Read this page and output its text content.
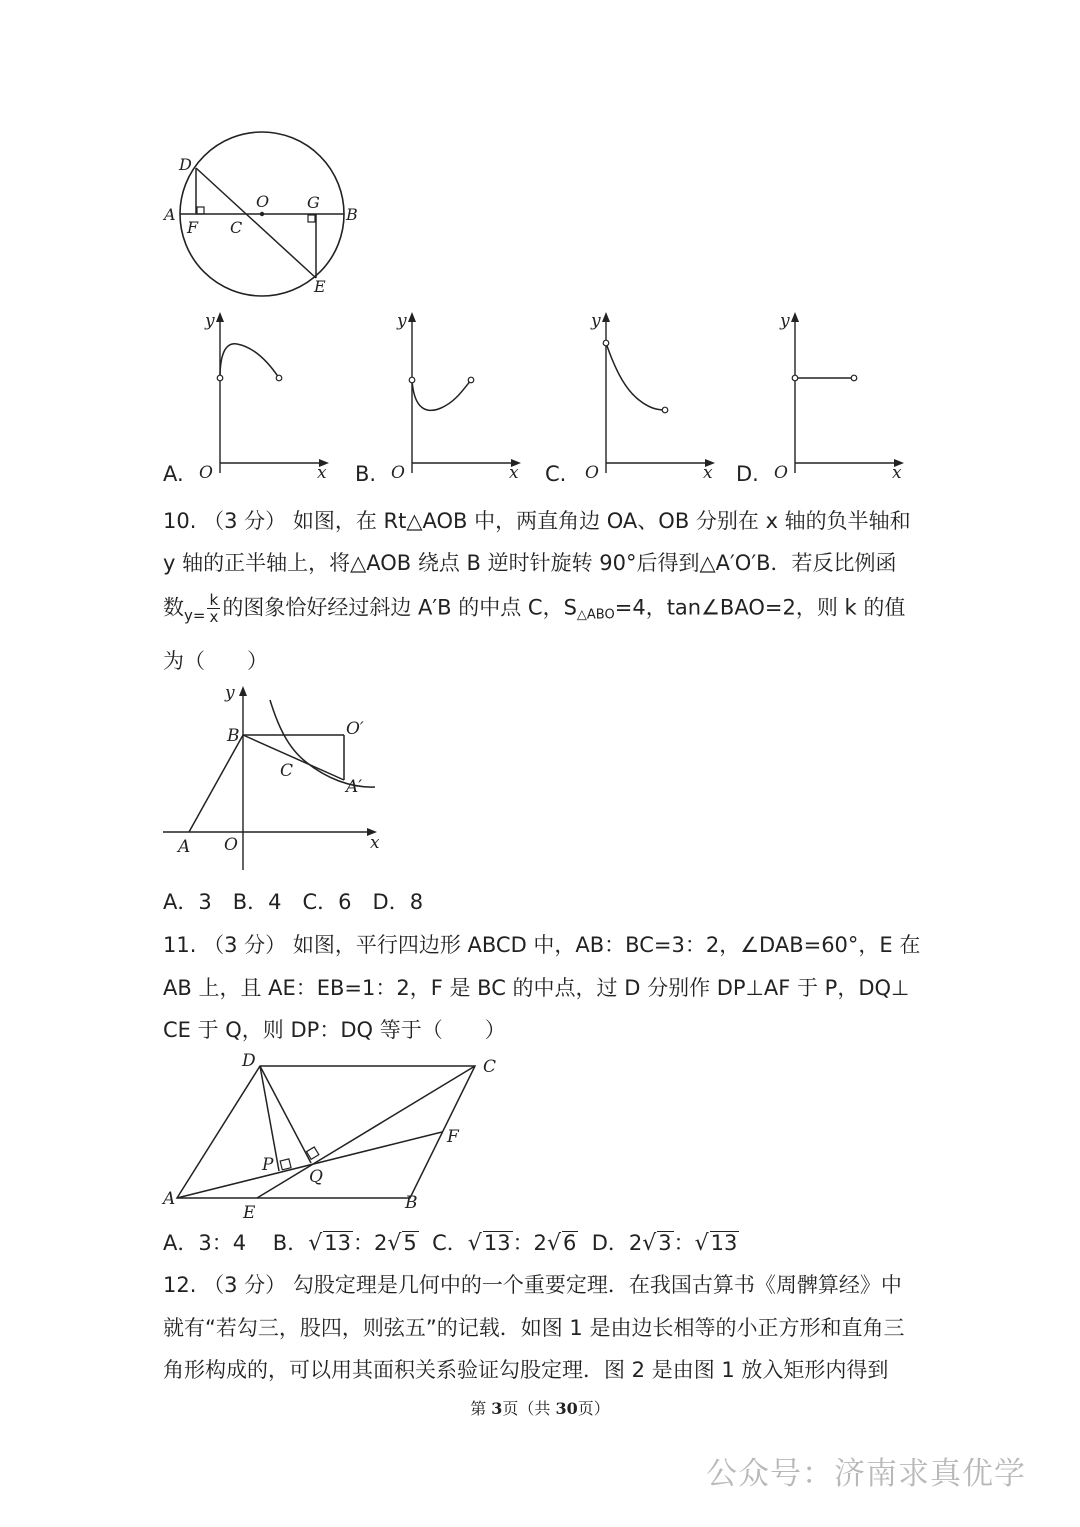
D
A
F C
O G
B
E
y
O	x
y
O	x
y
O	x
y
O	x
A.	B.	C.	D.
10. （3 分） 如图，在 Rt△AOB 中，两直角边 OA、OB 分别在 x 轴的负半轴和
y 轴的正半轴上，将△AOB 绕点 B 逆时针旋转 90°后得到△A′O′B．若反比例函
数$_{y=} \frac{k}{x}$ 的图象恰好经过斜边 A′B 的中点 C，$S_{\triangle ABO}=4$，tan∠BAO=2，则 k 的值
为（　　）
y
B	O′
C
A′
A O	x
A．3　B．4　C．6　D．8
11. （3 分） 如图，平行四边形 ABCD 中，AB：BC=3：2，∠DAB=60°，E 在
AB 上，且 AE：EB=1：2，F 是 BC 的中点，过 D 分别作 DP⊥AF 于 P，DQ⊥
CE 于 Q，则 DP：DQ 等于（　　）
D	C
F
P
Q
A
E	B
A．3：4 B．√13：2√5 C．√13：2√6 D．2√3：√13
12. （3 分） 勾股定理是几何中的一个重要定理．在我国古算书《周髀算经》中
就有“若勾三，股四，则弦五”的记载．如图 1 是由边长相等的小正方形和直角三
角形构成的，可以用其面积关系验证勾股定理．图 2 是由图 1 放入矩形内得到
第 3页（共 30页）
公众号：济南求真优学
